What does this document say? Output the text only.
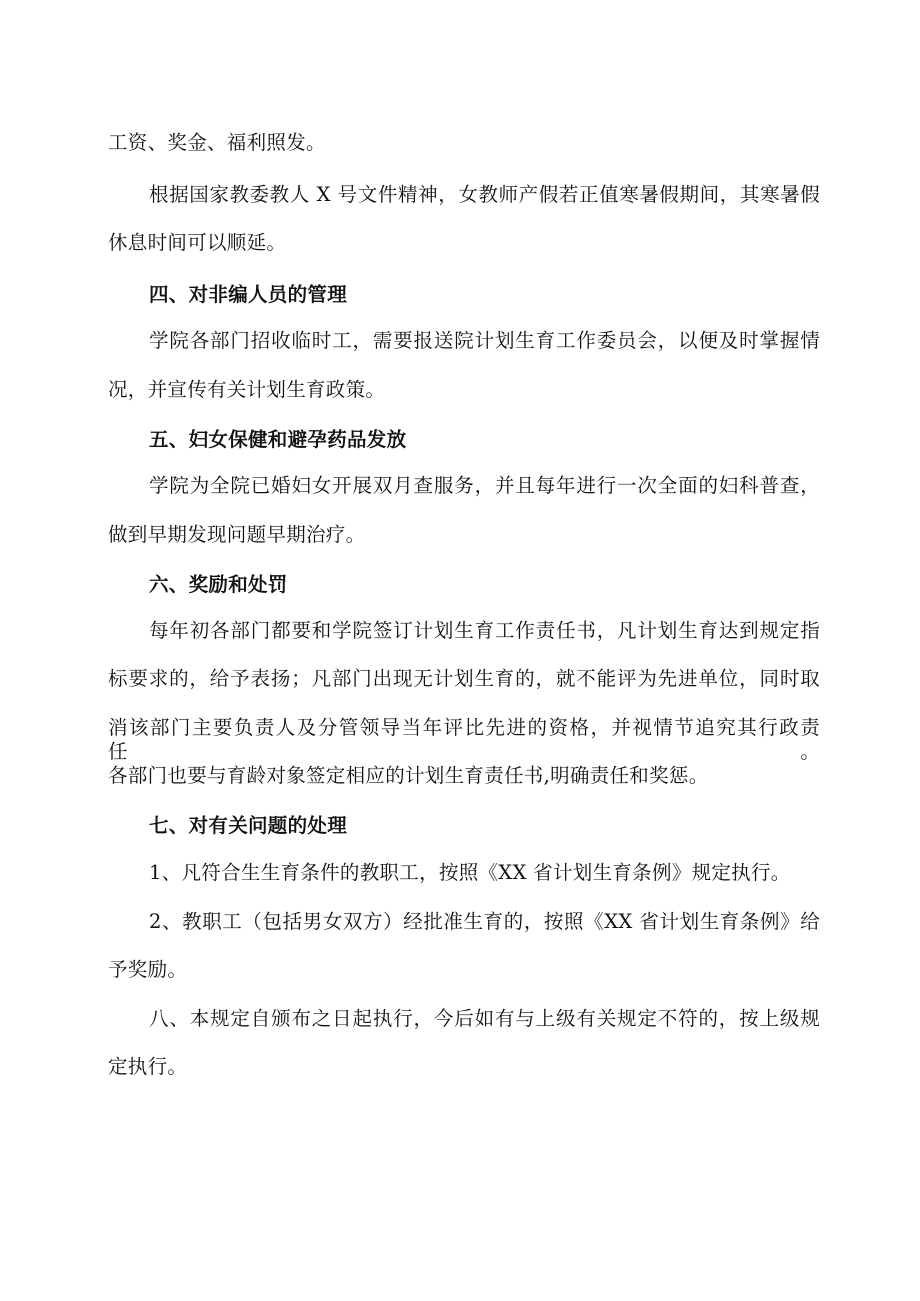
工资、奖金、福利照发。
根据国家教委教人 X 号文件精神，女教师产假若正值寒暑假期间，其寒暑假
休息时间可以顺延。
四、对非编人员的管理
学院各部门招收临时工，需要报送院计划生育工作委员会，以便及时掌握情
况，并宣传有关计划生育政策。
五、妇女保健和避孕药品发放
学院为全院已婚妇女开展双月查服务，并且每年进行一次全面的妇科普查，
做到早期发现问题早期治疗。
六、奖励和处罚
每年初各部门都要和学院签订计划生育工作责任书，凡计划生育达到规定指
标要求的，给予表扬；凡部门出现无计划生育的，就不能评为先进单位，同时取
消该部门主要负责人及分管领导当年评比先进的资格，并视情节追究其行政责任。
各部门也要与育龄对象签定相应的计划生育责任书,明确责任和奖惩。
七、对有关问题的处理
1、凡符合生生育条件的教职工，按照《XX 省计划生育条例》规定执行。
2、教职工（包括男女双方）经批准生育的，按照《XX 省计划生育条例》给
予奖励。
八、本规定自颁布之日起执行，今后如有与上级有关规定不符的，按上级规
定执行。
